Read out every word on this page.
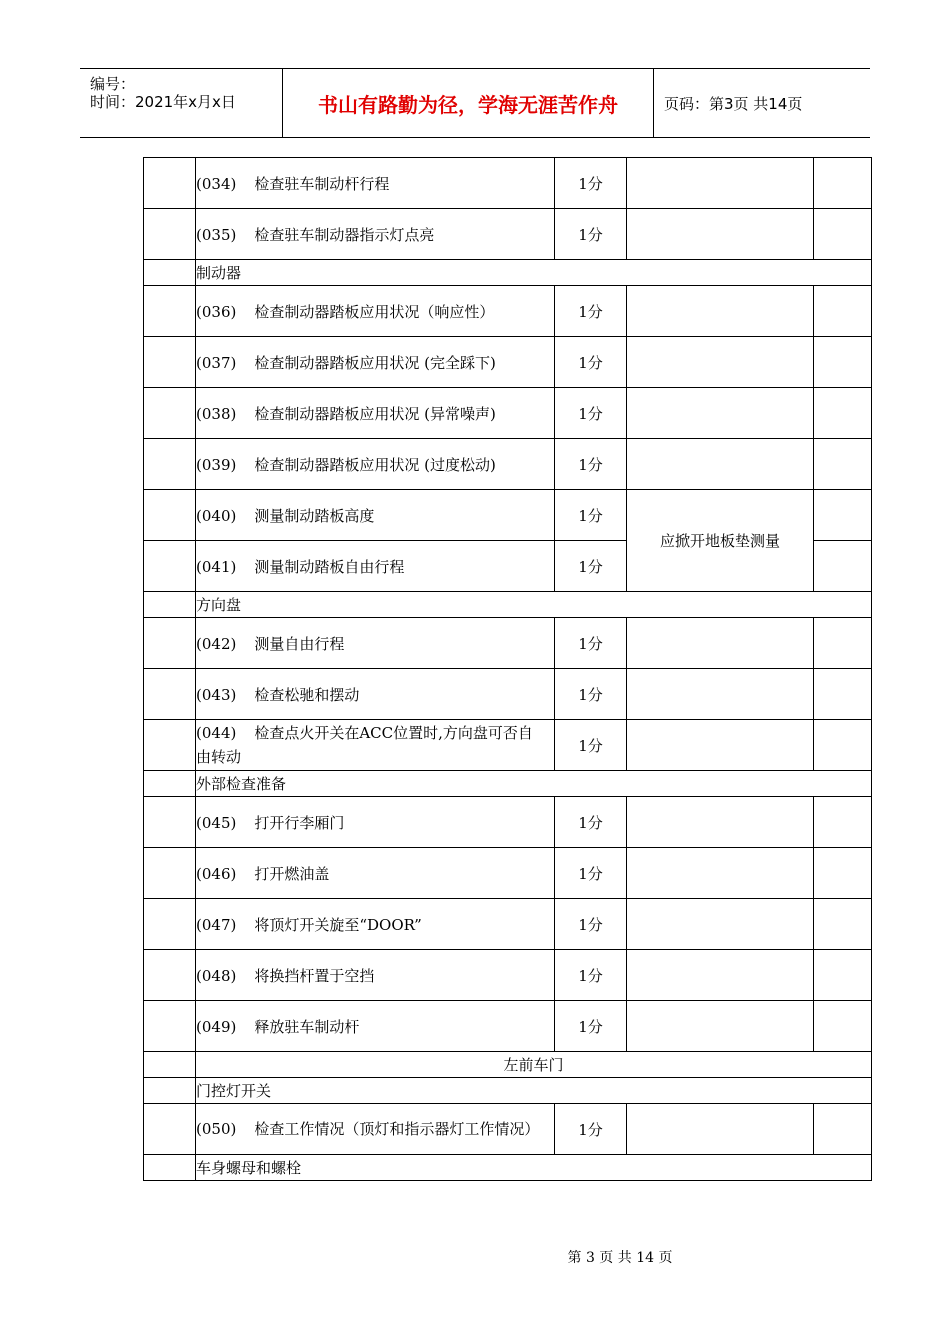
编号：
时间：2021年x月x日	书山有路勤为径，学海无涯苦作舟	页码：第3页 共14页
	(034) 检查驻车制动杆行程	1分		
	(035) 检查驻车制动器指示灯点亮	1分		
	制动器			
	(036) 检查制动器踏板应用状况（响应性）	1分		
	(037) 检查制动器踏板应用状况 (完全踩下)	1分		
	(038) 检查制动器踏板应用状况 (异常噪声)	1分		
	(039) 检查制动器踏板应用状况 (过度松动)	1分		
	(040) 测量制动踏板高度	1分	应掀开地板垫测量	
	(041) 测量制动踏板自由行程	1分		
	方向盘			
	(042) 测量自由行程	1分		
	(043) 检查松驰和摆动	1分		
	(044) 检查点火开关在ACC位置时,方向盘可否自由转动	1分		
	外部检查准备			
	(045) 打开行李厢门	1分		
	(046) 打开燃油盖	1分		
	(047) 将顶灯开关旋至“DOOR”	1分		
	(048) 将换挡杆置于空挡	1分		
	(049) 释放驻车制动杆	1分		
	左前车门			
	门控灯开关			
	(050) 检查工作情况（顶灯和指示器灯工作情况）	1分		
	车身螺母和螺栓			
第 3 页 共 14 页
